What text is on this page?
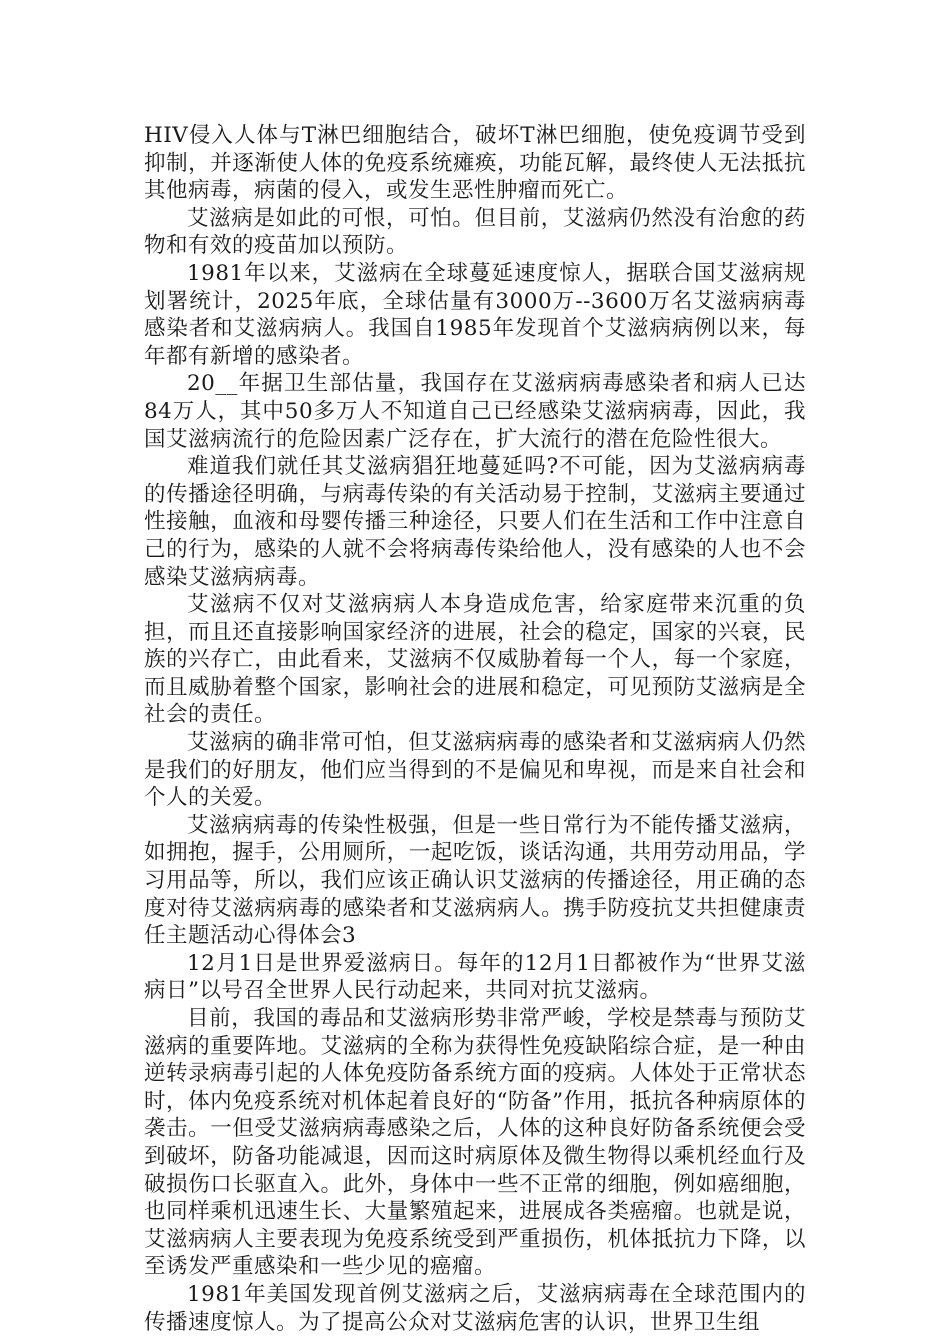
HIV侵入人体与T淋巴细胞结合，破坏T淋巴细胞，使免疫调节受到抑制，并逐渐使人体的免疫系统瘫痪，功能瓦解，最终使人无法抵抗其他病毒，病菌的侵入，或发生恶性肿瘤而死亡。

艾滋病是如此的可恨，可怕。但目前，艾滋病仍然没有治愈的药物和有效的疫苗加以预防。

1981年以来，艾滋病在全球蔓延速度惊人，据联合国艾滋病规划署统计，2025年底，全球估量有3000万--3600万名艾滋病病毒感染者和艾滋病病人。我国自1985年发现首个艾滋病病例以来，每年都有新增的感染者。

20__年据卫生部估量，我国存在艾滋病病毒感染者和病人已达84万人，其中50多万人不知道自己已经感染艾滋病病毒，因此，我国艾滋病流行的危险因素广泛存在，扩大流行的潜在危险性很大。

难道我们就任其艾滋病猖狂地蔓延吗?不可能，因为艾滋病病毒的传播途径明确，与病毒传染的有关活动易于控制，艾滋病主要通过性接触，血液和母婴传播三种途径，只要人们在生活和工作中注意自己的行为，感染的人就不会将病毒传染给他人，没有感染的人也不会感染艾滋病病毒。

艾滋病不仅对艾滋病病人本身造成危害，给家庭带来沉重的负担，而且还直接影响国家经济的进展，社会的稳定，国家的兴衰，民族的兴存亡，由此看来，艾滋病不仅威胁着每一个人，每一个家庭，而且威胁着整个国家，影响社会的进展和稳定，可见预防艾滋病是全社会的责任。

艾滋病的确非常可怕，但艾滋病病毒的感染者和艾滋病病人仍然是我们的好朋友，他们应当得到的不是偏见和卑视，而是来自社会和个人的关爱。

艾滋病病毒的传染性极强，但是一些日常行为不能传播艾滋病，如拥抱，握手，公用厕所，一起吃饭，谈话沟通，共用劳动用品，学习用品等，所以，我们应该正确认识艾滋病的传播途径，用正确的态度对待艾滋病病毒的感染者和艾滋病病人。携手防疫抗艾共担健康责任主题活动心得体会3

12月1日是世界爱滋病日。每年的12月1日都被作为“世界艾滋病日”以号召全世界人民行动起来，共同对抗艾滋病。

目前，我国的毒品和艾滋病形势非常严峻，学校是禁毒与预防艾滋病的重要阵地。艾滋病的全称为获得性免疫缺陷综合症，是一种由逆转录病毒引起的人体免疫防备系统方面的疫病。人体处于正常状态时，体内免疫系统对机体起着良好的“防备”作用，抵抗各种病原体的袭击。一但受艾滋病病毒感染之后，人体的这种良好防备系统便会受到破坏，防备功能减退，因而这时病原体及微生物得以乘机经血行及破损伤口长驱直入。此外，身体中一些不正常的细胞，例如癌细胞，也同样乘机迅速生长、大量繁殖起来，进展成各类癌瘤。也就是说，艾滋病病人主要表现为免疫系统受到严重损伤，机体抵抗力下降，以至诱发严重感染和一些少见的癌瘤。

1981年美国发现首例艾滋病之后，艾滋病病毒在全球范围内的传播速度惊人。为了提高公众对艾滋病危害的认识，世界卫生组
